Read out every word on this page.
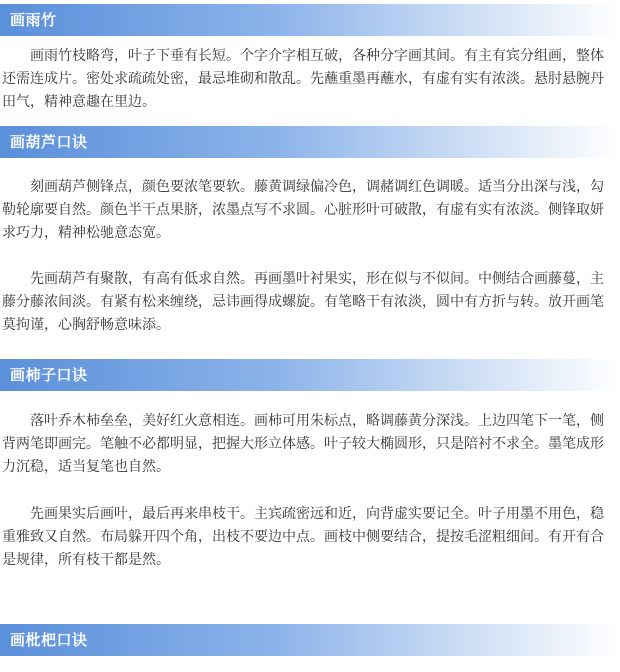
画雨竹

画雨竹枝略弯，叶子下垂有长短。个字介字相互破，各种分字画其间。有主有宾分组画，整体还需连成片。密处求疏疏处密，最忌堆砌和散乱。先蘸重墨再蘸水，有虚有实有浓淡。悬肘悬腕丹田气，精神意趣在里边。

画葫芦口诀

刻画葫芦侧锋点，颜色要浓笔要软。藤黄调绿偏冷色，调赭调红色调暖。适当分出深与浅，勾勒轮廓要自然。颜色半干点果脐，浓墨点写不求圆。心脏形叶可破散，有虚有实有浓淡。侧锋取妍求巧力，精神松驰意态宽。

先画葫芦有聚散，有高有低求自然。再画墨叶衬果实，形在似与不似间。中侧结合画藤蔓，主藤分藤浓间淡。有紧有松来缠绕，忌讳画得成螺旋。有笔略干有浓淡，圆中有方折与转。放开画笔莫拘谨，心胸舒畅意味添。

画柿子口诀

落叶乔木柿垒垒，美好红火意相连。画柿可用朱标点，略调藤黄分深浅。上边四笔下一笔，侧背两笔即画完。笔触不必都明显，把握大形立体感。叶子较大椭圆形，只是陪衬不求全。墨笔成形力沉稳，适当复笔也自然。

先画果实后画叶，最后再来串枝干。主宾疏密远和近，向背虚实要记全。叶子用墨不用色，稳重雅致又自然。布局躲开四个角，出枝不要边中点。画枝中侧要结合，提按毛涩粗细间。有开有合是规律，所有枝干都是然。

画枇杷口诀
